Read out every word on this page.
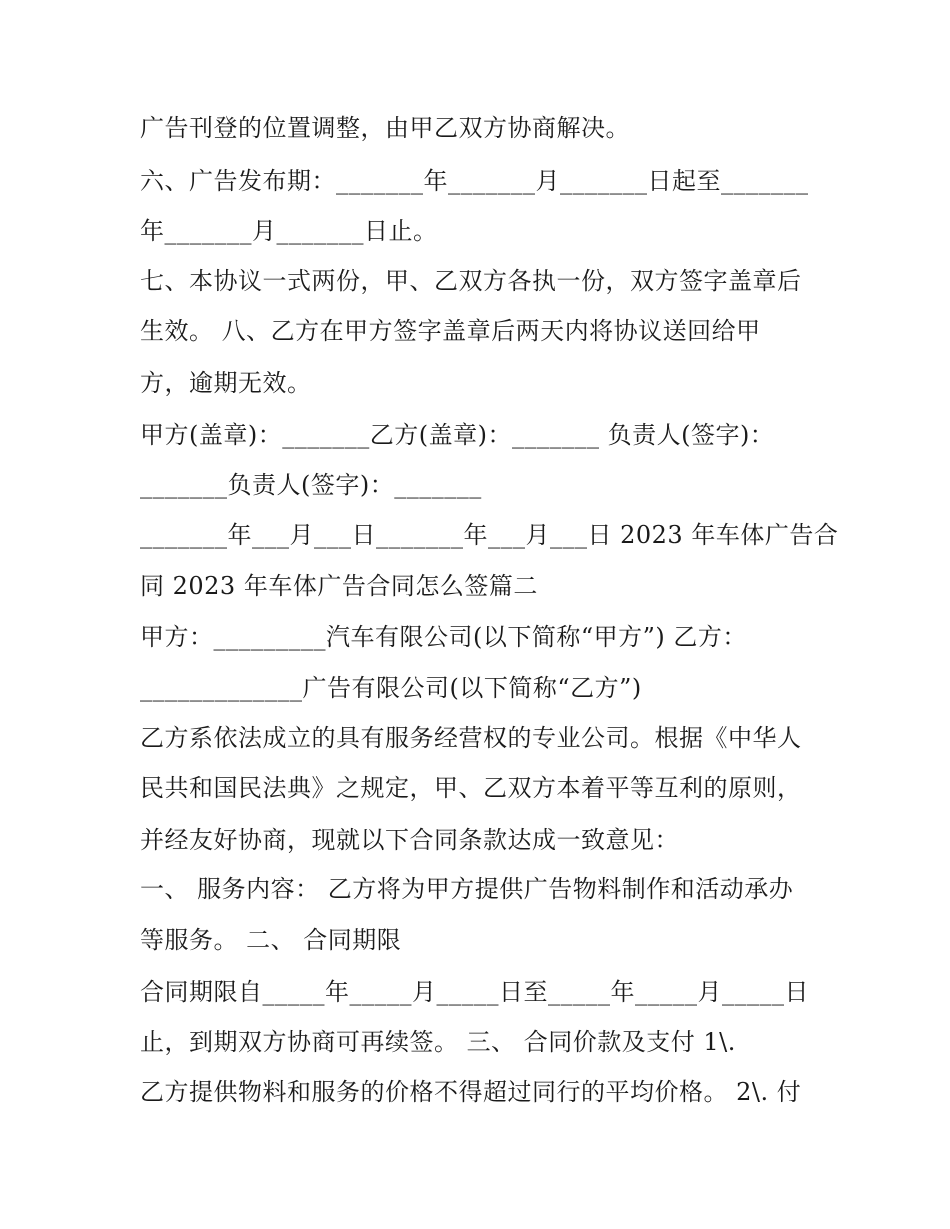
广告刊登的位置调整，由甲乙双方协商解决。
六、广告发布期：_______年_______月_______日起至_______
年_______月_______日止。
七、本协议一式两份，甲、乙双方各执一份，双方签字盖章后
生效。 八、乙方在甲方签字盖章后两天内将协议送回给甲
方，逾期无效。
甲方(盖章)：_______乙方(盖章)：_______ 负责人(签字)：
_______负责人(签字)：_______
_______年___月___日_______年___月___日 2023 年车体广告合
同 2023 年车体广告合同怎么签篇二
甲方：_________汽车有限公司(以下简称“甲方”) 乙方：
_____________广告有限公司(以下简称“乙方”)
乙方系依法成立的具有服务经营权的专业公司。根据《中华人
民共和国民法典》之规定，甲、乙双方本着平等互利的原则，
并经友好协商，现就以下合同条款达成一致意见：
一、 服务内容： 乙方将为甲方提供广告物料制作和活动承办
等服务。 二、 合同期限
合同期限自_____年_____月_____日至_____年_____月_____日
止，到期双方协商可再续签。 三、 合同价款及支付 1\.
乙方提供物料和服务的价格不得超过同行的平均价格。 2\. 付
